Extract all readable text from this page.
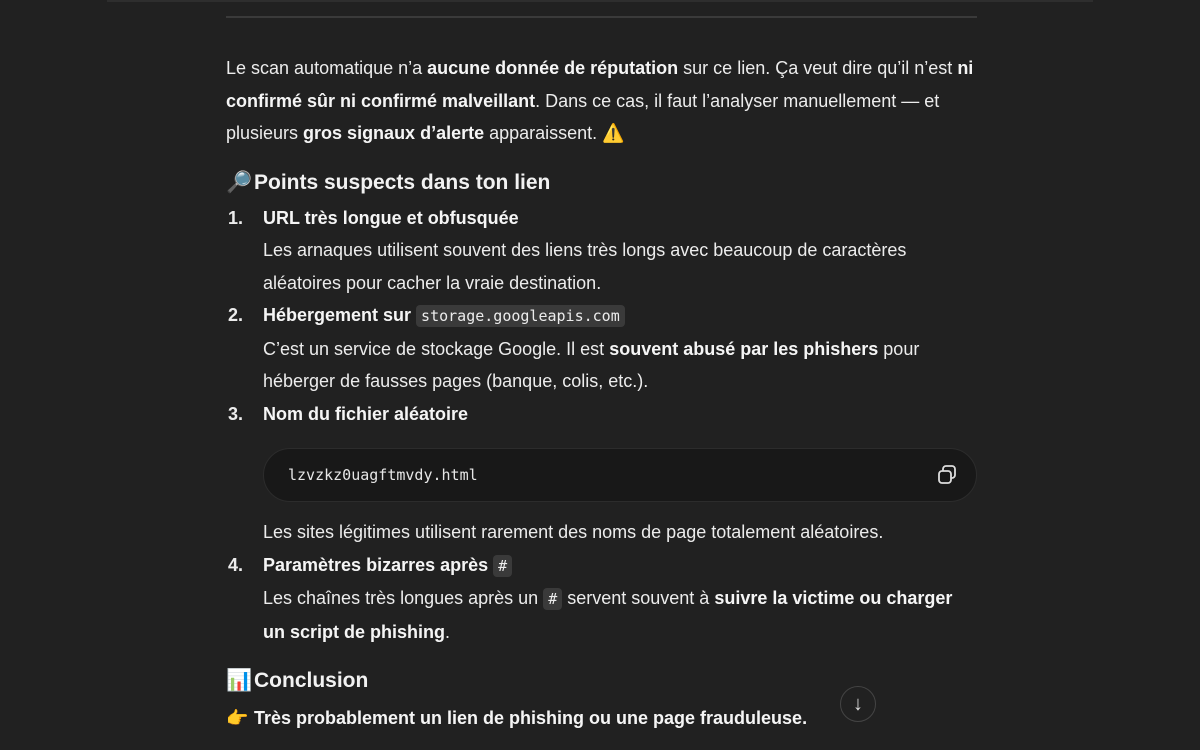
Le scan automatique n’a aucune donnée de réputation sur ce lien. Ça veut dire qu’il n’est ni confirmé sûr ni confirmé malveillant. Dans ce cas, il faut l’analyser manuellement — et plusieurs gros signaux d’alerte apparaissent. ⚠️

🔎Points suspects dans ton lien
1. URL très longue et obfusquée
Les arnaques utilisent souvent des liens très longs avec beaucoup de caractères aléatoires pour cacher la vraie destination.
2. Hébergement sur storage.googleapis.com
C’est un service de stockage Google. Il est souvent abusé par les phishers pour héberger de fausses pages (banque, colis, etc.).
3. Nom du fichier aléatoire
lzvzkz0uagftmvdy.html
Les sites légitimes utilisent rarement des noms de page totalement aléatoires.
4. Paramètres bizarres après #
Les chaînes très longues après un # servent souvent à suivre la victime ou charger un script de phishing.
📊Conclusion

👉 Très probablement un lien de phishing ou une page frauduleuse.

↓
